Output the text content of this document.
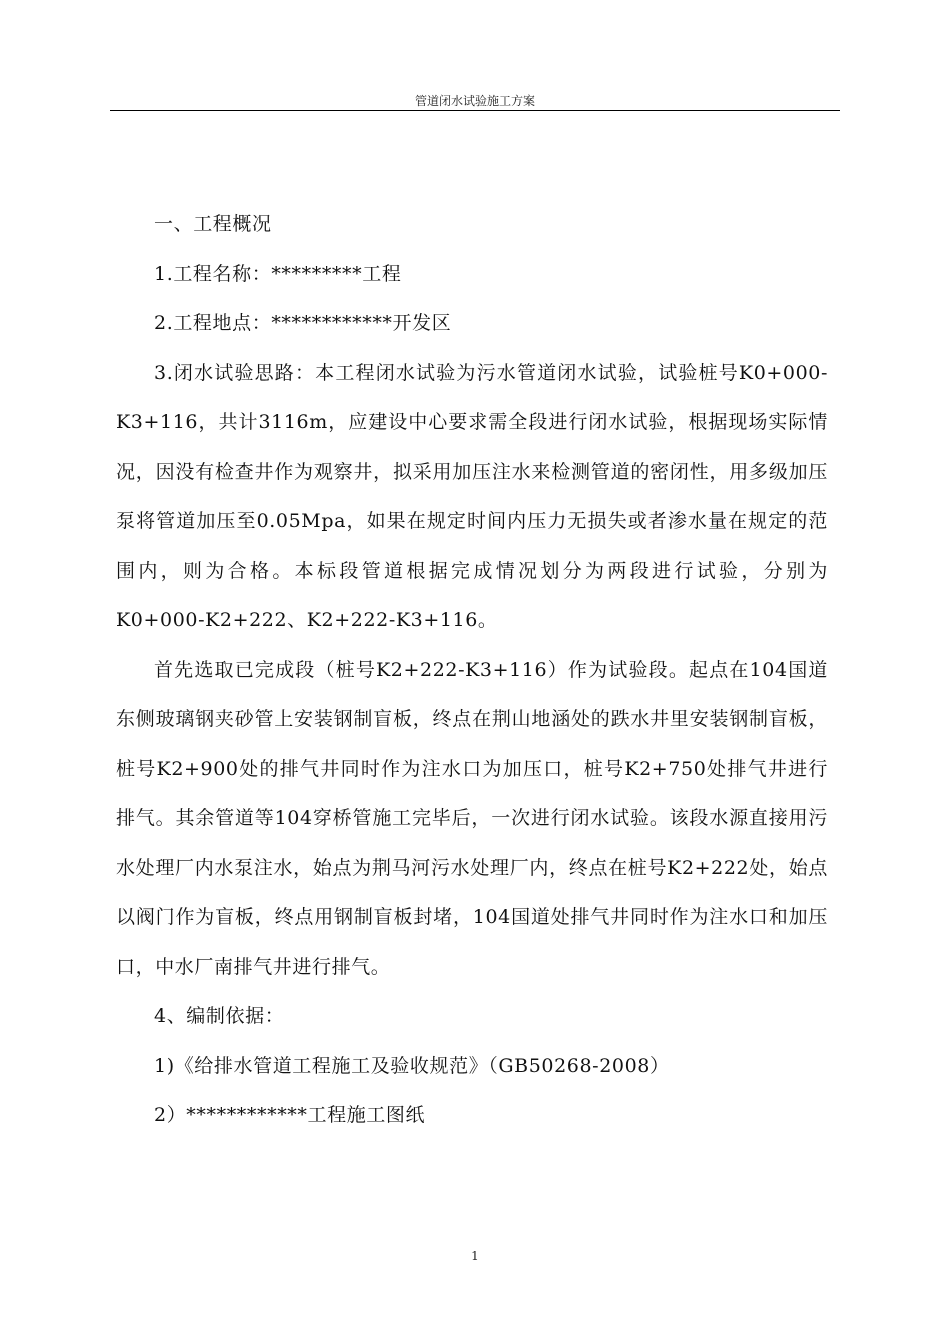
管道闭水试验施工方案

一、工程概况

1.工程名称：*********工程

2.工程地点：************开发区

3.闭水试验思路：本工程闭水试验为污水管道闭水试验，试验桩号K0+000-K3+116，共计3116m，应建设中心要求需全段进行闭水试验，根据现场实际情况，因没有检查井作为观察井，拟采用加压注水来检测管道的密闭性，用多级加压泵将管道加压至0.05Mpa，如果在规定时间内压力无损失或者渗水量在规定的范围内，则为合格。本标段管道根据完成情况划分为两段进行试验，分别为K0+000-K2+222、K2+222-K3+116。

首先选取已完成段（桩号K2+222-K3+116）作为试验段。起点在104国道东侧玻璃钢夹砂管上安装钢制盲板，终点在荆山地涵处的跌水井里安装钢制盲板，桩号K2+900处的排气井同时作为注水口为加压口，桩号K2+750处排气井进行排气。其余管道等104穿桥管施工完毕后，一次进行闭水试验。该段水源直接用污水处理厂内水泵注水，始点为荆马河污水处理厂内，终点在桩号K2+222处，始点以阀门作为盲板，终点用钢制盲板封堵，104国道处排气井同时作为注水口和加压口，中水厂南排气井进行排气。

4、编制依据：

1)《给排水管道工程施工及验收规范》（GB50268-2008）

2）************工程施工图纸

1
